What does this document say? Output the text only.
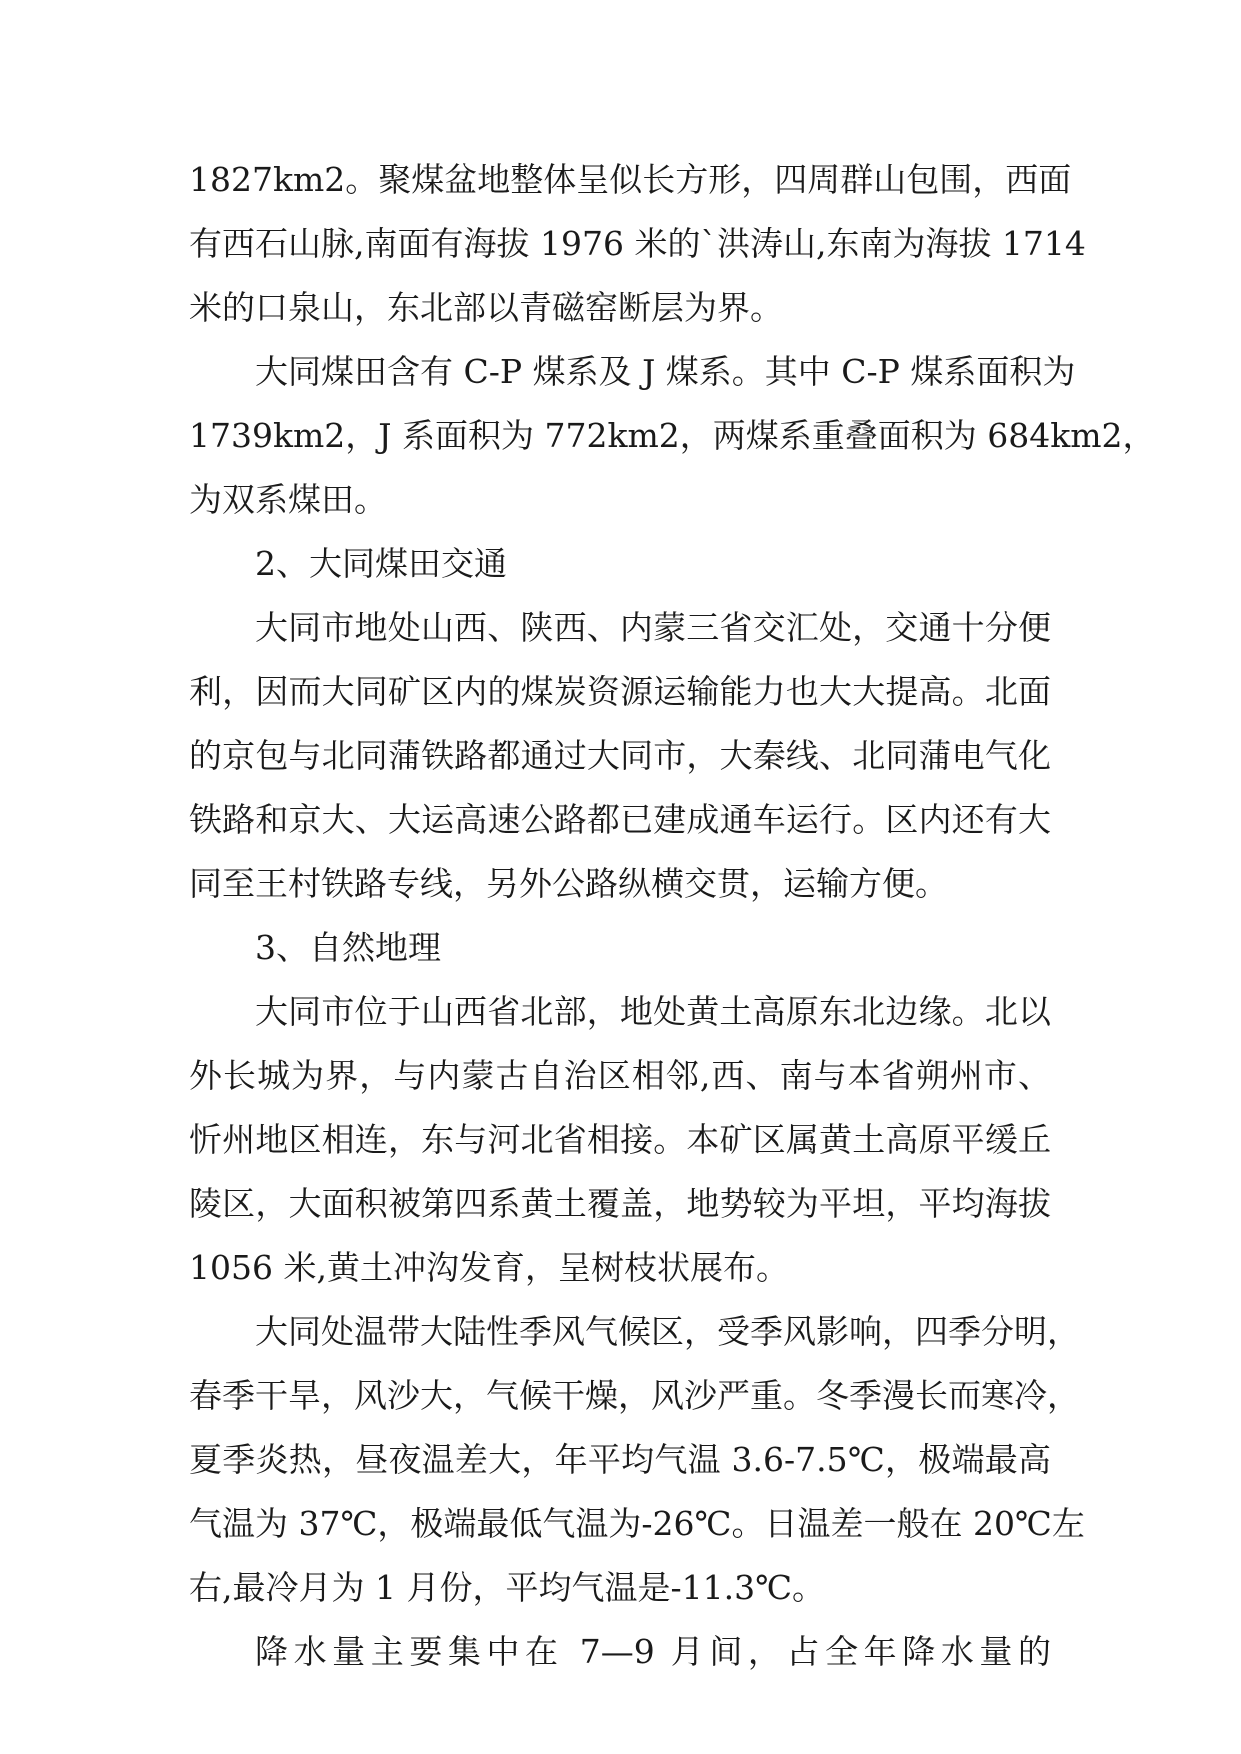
1827km2。聚煤盆地整体呈似长方形，四周群山包围，西面
有西石山脉,南面有海拔 1976 米的`洪涛山,东南为海拔 1714
米的口泉山，东北部以青磁窑断层为界。
大同煤田含有 C-P 煤系及 J 煤系。其中 C-P 煤系面积为
1739km2，J 系面积为 772km2，两煤系重叠面积为 684km2，
为双系煤田。
2、大同煤田交通
大同市地处山西、陕西、内蒙三省交汇处，交通十分便
利，因而大同矿区内的煤炭资源运输能力也大大提高。北面
的京包与北同蒲铁路都通过大同市，大秦线、北同蒲电气化
铁路和京大、大运高速公路都已建成通车运行。区内还有大
同至王村铁路专线，另外公路纵横交贯，运输方便。
3、自然地理
大同市位于山西省北部，地处黄土高原东北边缘。北以
外长城为界，与内蒙古自治区相邻,西、南与本省朔州市、
忻州地区相连，东与河北省相接。本矿区属黄土高原平缓丘
陵区，大面积被第四系黄土覆盖，地势较为平坦，平均海拔
1056 米,黄土冲沟发育，呈树枝状展布。
大同处温带大陆性季风气候区，受季风影响，四季分明，
春季干旱，风沙大，气候干燥，风沙严重。冬季漫长而寒冷，
夏季炎热，昼夜温差大，年平均气温 3.6-7.5℃，极端最高
气温为 37℃，极端最低气温为-26℃。日温差一般在 20℃左
右,最冷月为 1 月份，平均气温是-11.3℃。
降水量主要集中在 7—9 月间，占全年降水量的
